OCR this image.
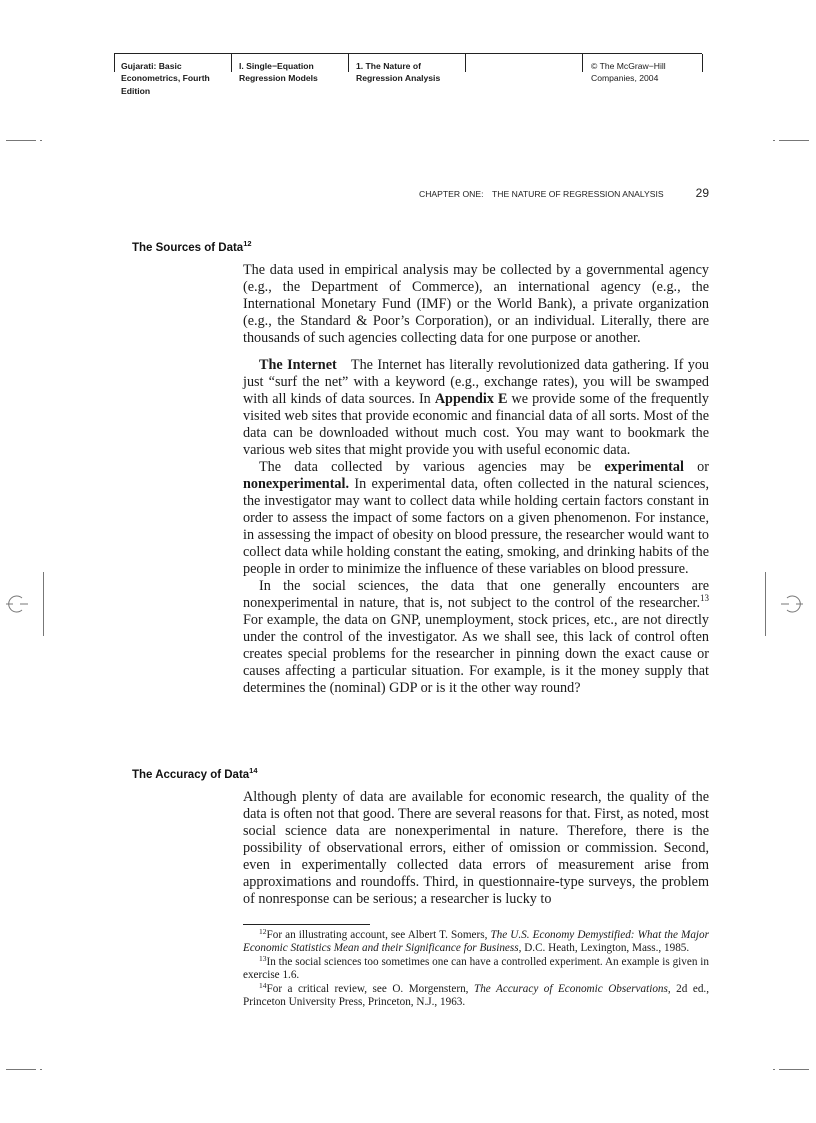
Gujarati: Basic
Econometrics, Fourth
Edition
I. Single−Equation
Regression Models
1. The Nature of
Regression Analysis
© The McGraw−Hill
Companies, 2004
CHAPTER ONE:  THE NATURE OF REGRESSION ANALYSIS	29
The Sources of Data$^{12}$

The data used in empirical analysis may be collected by a governmental agency (e.g., the Department of Commerce), an international agency (e.g., the International Monetary Fund (IMF) or the World Bank), a private organization (e.g., the Standard & Poor’s Corporation), or an individual. Literally, there are thousands of such agencies collecting data for one purpose or another.

The Internet  The Internet has literally revolutionized data gathering. If you just “surf the net” with a keyword (e.g., exchange rates), you will be swamped with all kinds of data sources. In Appendix E we provide some of the frequently visited web sites that provide economic and financial data of all sorts. Most of the data can be downloaded without much cost. You may want to bookmark the various web sites that might provide you with useful economic data.

The data collected by various agencies may be experimental or nonexperimental. In experimental data, often collected in the natural sciences, the investigator may want to collect data while holding certain factors constant in order to assess the impact of some factors on a given phenomenon. For instance, in assessing the impact of obesity on blood pressure, the researcher would want to collect data while holding constant the eating, smoking, and drinking habits of the people in order to minimize the influence of these variables on blood pressure.

In the social sciences, the data that one generally encounters are nonexperimental in nature, that is, not subject to the control of the researcher.$^{13}$ For example, the data on GNP, unemployment, stock prices, etc., are not directly under the control of the investigator. As we shall see, this lack of control often creates special problems for the researcher in pinning down the exact cause or causes affecting a particular situation. For example, is it the money supply that determines the (nominal) GDP or is it the other way round?

The Accuracy of Data$^{14}$

Although plenty of data are available for economic research, the quality of the data is often not that good. There are several reasons for that. First, as noted, most social science data are nonexperimental in nature. Therefore, there is the possibility of observational errors, either of omission or commission. Second, even in experimentally collected data errors of measurement arise from approximations and roundoffs. Third, in questionnaire-type surveys, the problem of nonresponse can be serious; a researcher is lucky to

$^{12}$For an illustrating account, see Albert T. Somers, The U.S. Economy Demystified: What the Major Economic Statistics Mean and their Significance for Business, D.C. Heath, Lexington, Mass., 1985.

$^{13}$In the social sciences too sometimes one can have a controlled experiment. An example is given in exercise 1.6.

$^{14}$For a critical review, see O. Morgenstern, The Accuracy of Economic Observations, 2d ed., Princeton University Press, Princeton, N.J., 1963.
